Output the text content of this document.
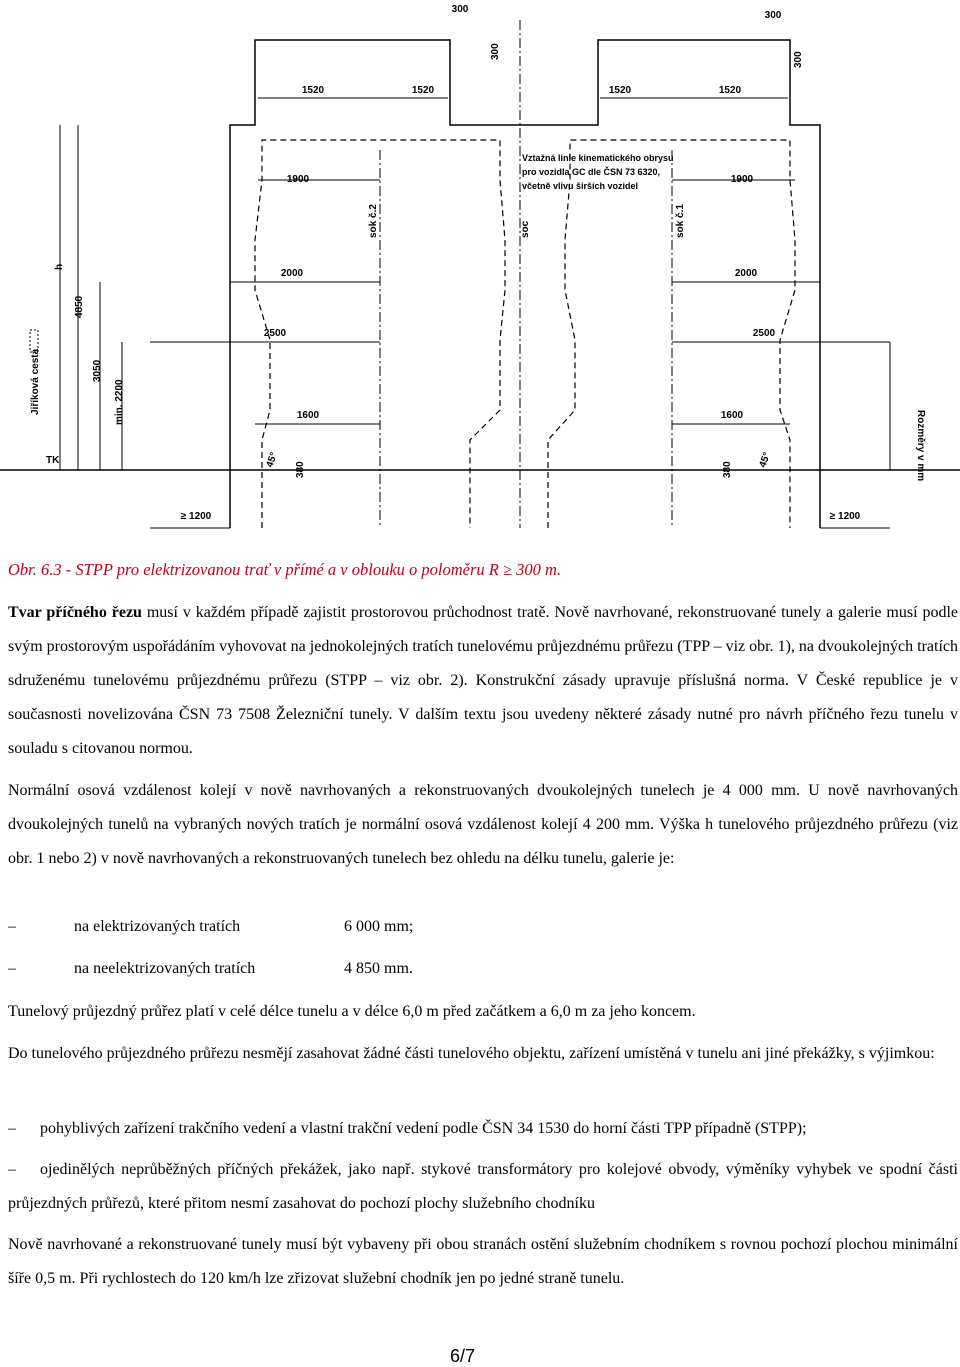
300
300
300
300
1520	1520	1520	1520
1900	1900
2000	2000
2500	2500
1600	1600
≥ 1200	≥ 1200
380	380
45°	45°
h
4850
3050
min. 2200
TK
Jiříková cesta
sok č.2	soc	sok č.1
Vztažná linie kinematického obrysu
pro vozidla GC dle ČSN 73 6320,
včetně vlivu širších vozidel
Rozměry v mm
Obr. 6.3 - STPP pro elektrizovanou trať v přímé a v oblouku o poloměru R ≥ 300 m.
Tvar příčného řezu musí v každém případě zajistit prostorovou průchodnost tratě. Nově navrhované, rekonstruované tunely a galerie musí podle svým prostorovým uspořádáním vyhovovat na jednokolejných tratích tunelovému průjezdnému průřezu (TPP – viz obr. 1), na dvoukolejných tratích sdruženému tunelovému průjezdnému průřezu (STPP – viz obr. 2). Konstrukční zásady upravuje příslušná norma. V České republice je v současnosti novelizována ČSN 73 7508 Železniční tunely. V dalším textu jsou uvedeny některé zásady nutné pro návrh příčného řezu tunelu v souladu s citovanou normou.
Normální osová vzdálenost kolejí v nově navrhovaných a rekonstruovaných dvoukolejných tunelech je 4 000 mm. U nově navrhovaných dvoukolejných tunelů na vybraných nových tratích je normální osová vzdálenost kolejí 4 200 mm. Výška h tunelového průjezdného průřezu (viz obr. 1 nebo 2) v nově navrhovaných a rekonstruovaných tunelech bez ohledu na délku tunelu, galerie je:
–	na elektrizovaných tratích	6 000 mm;
–	na neelektrizovaných tratích	4 850 mm.
Tunelový průjezdný průřez platí v celé délce tunelu a v délce 6,0 m před začátkem a 6,0 m za jeho koncem.
Do tunelového průjezdného průřezu nesmějí zasahovat žádné části tunelového objektu, zařízení umístěná v tunelu ani jiné překážky, s výjimkou:
– pohyblivých zařízení trakčního vedení a vlastní trakční vedení podle ČSN 34 1530 do horní části TPP případně (STPP);
– ojedinělých neprůběžných příčných překážek, jako např. stykové transformátory pro kolejové obvody, výměníky vyhybek ve spodní části průjezdných průřezů, které přitom nesmí zasahovat do pochozí plochy služebního chodníku
Nově navrhované a rekonstruované tunely musí být vybaveny při obou stranách ostění služebním chodníkem s rovnou pochozí plochou minimální šíře 0,5 m. Při rychlostech do 120 km/h lze zřizovat služební chodník jen po jedné straně tunelu.
6/7
